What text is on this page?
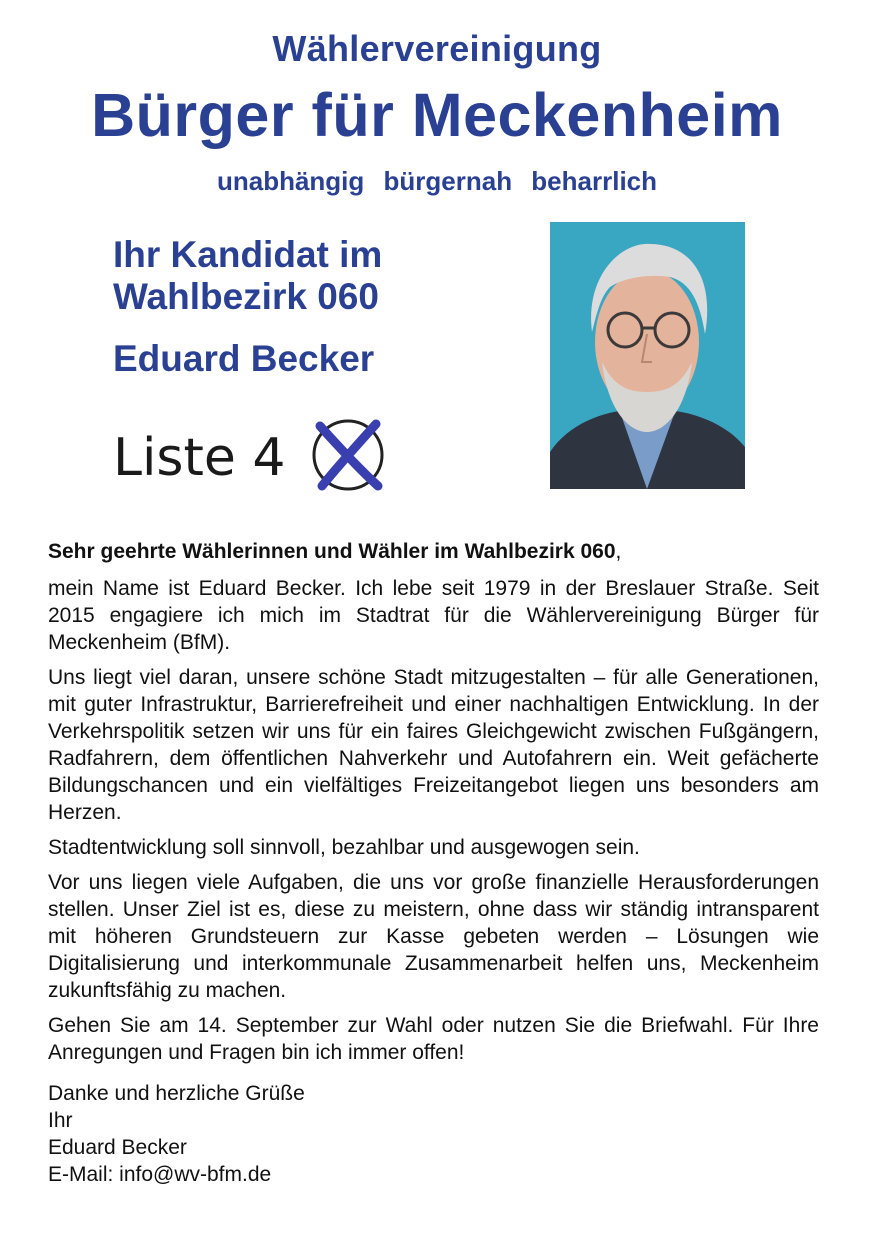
Wählervereinigung
Bürger für Meckenheim
unabhängig bürgernah beharrlich
Ihr Kandidat im
Wahlbezirk 060
Eduard Becker
Liste 4

Sehr geehrte Wählerinnen und Wähler im Wahlbezirk 060,

mein Name ist Eduard Becker. Ich lebe seit 1979 in der Breslauer Straße. Seit 2015 engagiere ich mich im Stadtrat für die Wählervereinigung Bürger für Meckenheim (BfM).

Uns liegt viel daran, unsere schöne Stadt mitzugestalten – für alle Generationen, mit guter Infrastruktur, Barrierefreiheit und einer nachhaltigen Entwicklung. In der Verkehrspolitik setzen wir uns für ein faires Gleichgewicht zwischen Fußgängern, Radfahrern, dem öffentlichen Nahverkehr und Autofahrern ein. Weit gefächerte Bildungschancen und ein vielfältiges Freizeitangebot liegen uns besonders am Herzen.

Stadtentwicklung soll sinnvoll, bezahlbar und ausgewogen sein.

Vor uns liegen viele Aufgaben, die uns vor große finanzielle Herausforderungen stellen. Unser Ziel ist es, diese zu meistern, ohne dass wir ständig intransparent mit höheren Grundsteuern zur Kasse gebeten werden – Lösungen wie Digitalisierung und interkommunale Zusammenarbeit helfen uns, Meckenheim zukunftsfähig zu machen.

Gehen Sie am 14. September zur Wahl oder nutzen Sie die Briefwahl. Für Ihre Anregungen und Fragen bin ich immer offen!

Danke und herzliche Grüße
Ihr
Eduard Becker
E-Mail: info@wv-bfm.de
